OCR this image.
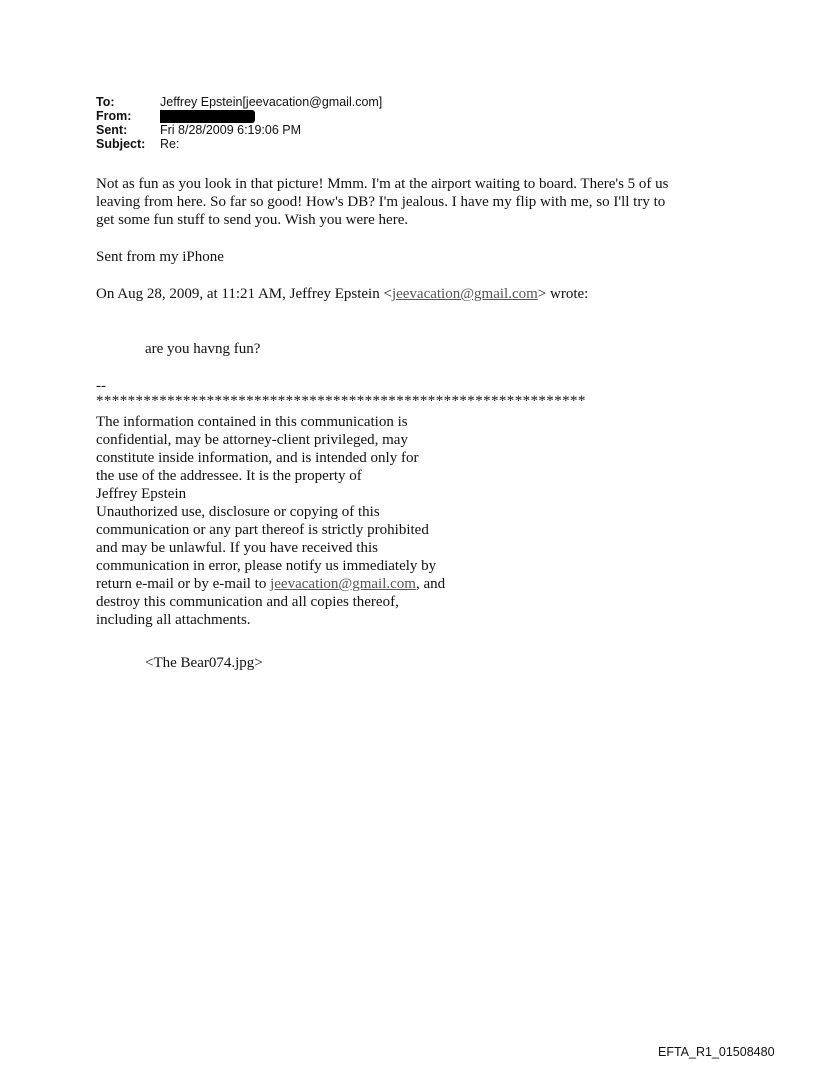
To:	Jeffrey Epstein[jeevacation@gmail.com]
From:
Sent:	Fri 8/28/2009 6:19:06 PM
Subject:	Re:
Not as fun as you look in that picture! Mmm. I'm at the airport waiting to board. There's 5 of us
leaving from here. So far so good! How's DB? I'm jealous. I have my flip with me, so I'll try to
get some fun stuff to send you. Wish you were here.
Sent from my iPhone
On Aug 28, 2009, at 11:21 AM, Jeffrey Epstein <jeevacation@gmail.com> wrote:
are you havng fun?
--
**************************************************************
The information contained in this communication is
confidential, may be attorney-client privileged, may
constitute inside information, and is intended only for
the use of the addressee. It is the property of
Jeffrey Epstein
Unauthorized use, disclosure or copying of this
communication or any part thereof is strictly prohibited
and may be unlawful. If you have received this
communication in error, please notify us immediately by
return e-mail or by e-mail to jeevacation@gmail.com, and
destroy this communication and all copies thereof,
including all attachments.
<The Bear074.jpg>
EFTA_R1_01508480
